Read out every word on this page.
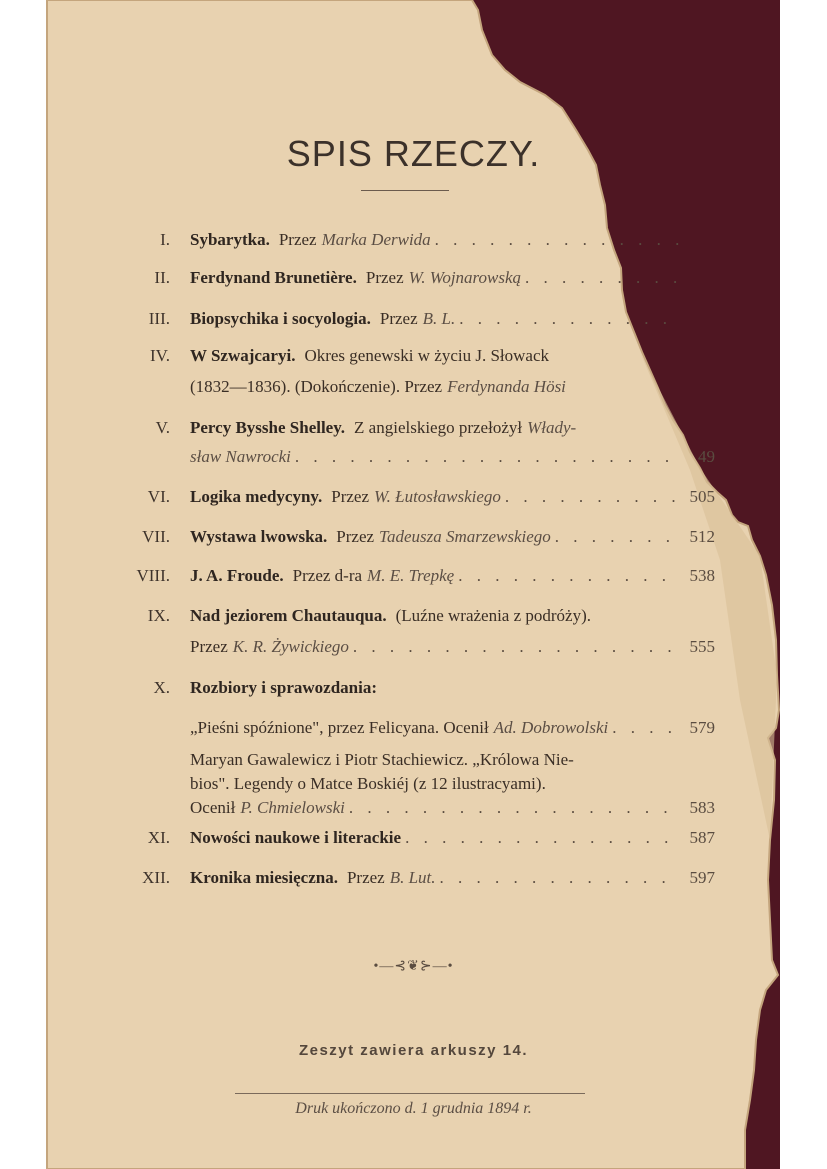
SPIS RZECZY.
I. Sybarytka. Przez Marka Derwida
. . .
II. Ferdynand Brunetière. Przez W. Wojnarowską
. . .
III. Biopsychika i socyologia. Przez B. L.
. . .
IV. W Szwajcaryi. Okres genewski w życiu J. Słowack
(1832—1836). (Dokończenie). Przez Ferdynanda Hösi
V. Percy Bysshe Shelley. Z angielskiego przełożył Włady-
sław Nawrocki . . .	49
VI. Logika medycyny. Przez W. Łutosławskiego . . .	505
VII. Wystawa lwowska. Przez Tadeusza Smarzewskiego . . .	512
VIII. J. A. Froude. Przez d-ra M. E. Trepkę . . .	538
IX. Nad jeziorem Chautauqua. (Luźne wrażenia z podróży).
Przez K. R. Żywickiego . . .	555
X. Rozbiory i sprawozdania:
„Pieśni spóźnione", przez Felicyana. Ocenił Ad. Dobrowolski . . .	579
Maryan Gawalewicz i Piotr Stachiewicz. „Królowa Nie-
bios". Legendy o Matce Boskiéj (z 12 ilustracyami).
Ocenił P. Chmielowski . . .	583
XI. Nowości naukowe i literackie . . .	587
XII. Kronika miesięczna. Przez B. Lut. . . .	597
•—⊰❦⊱—•
Zeszyt zawiera arkuszy 14.
Druk ukończono d. 1 grudnia 1894 r.
